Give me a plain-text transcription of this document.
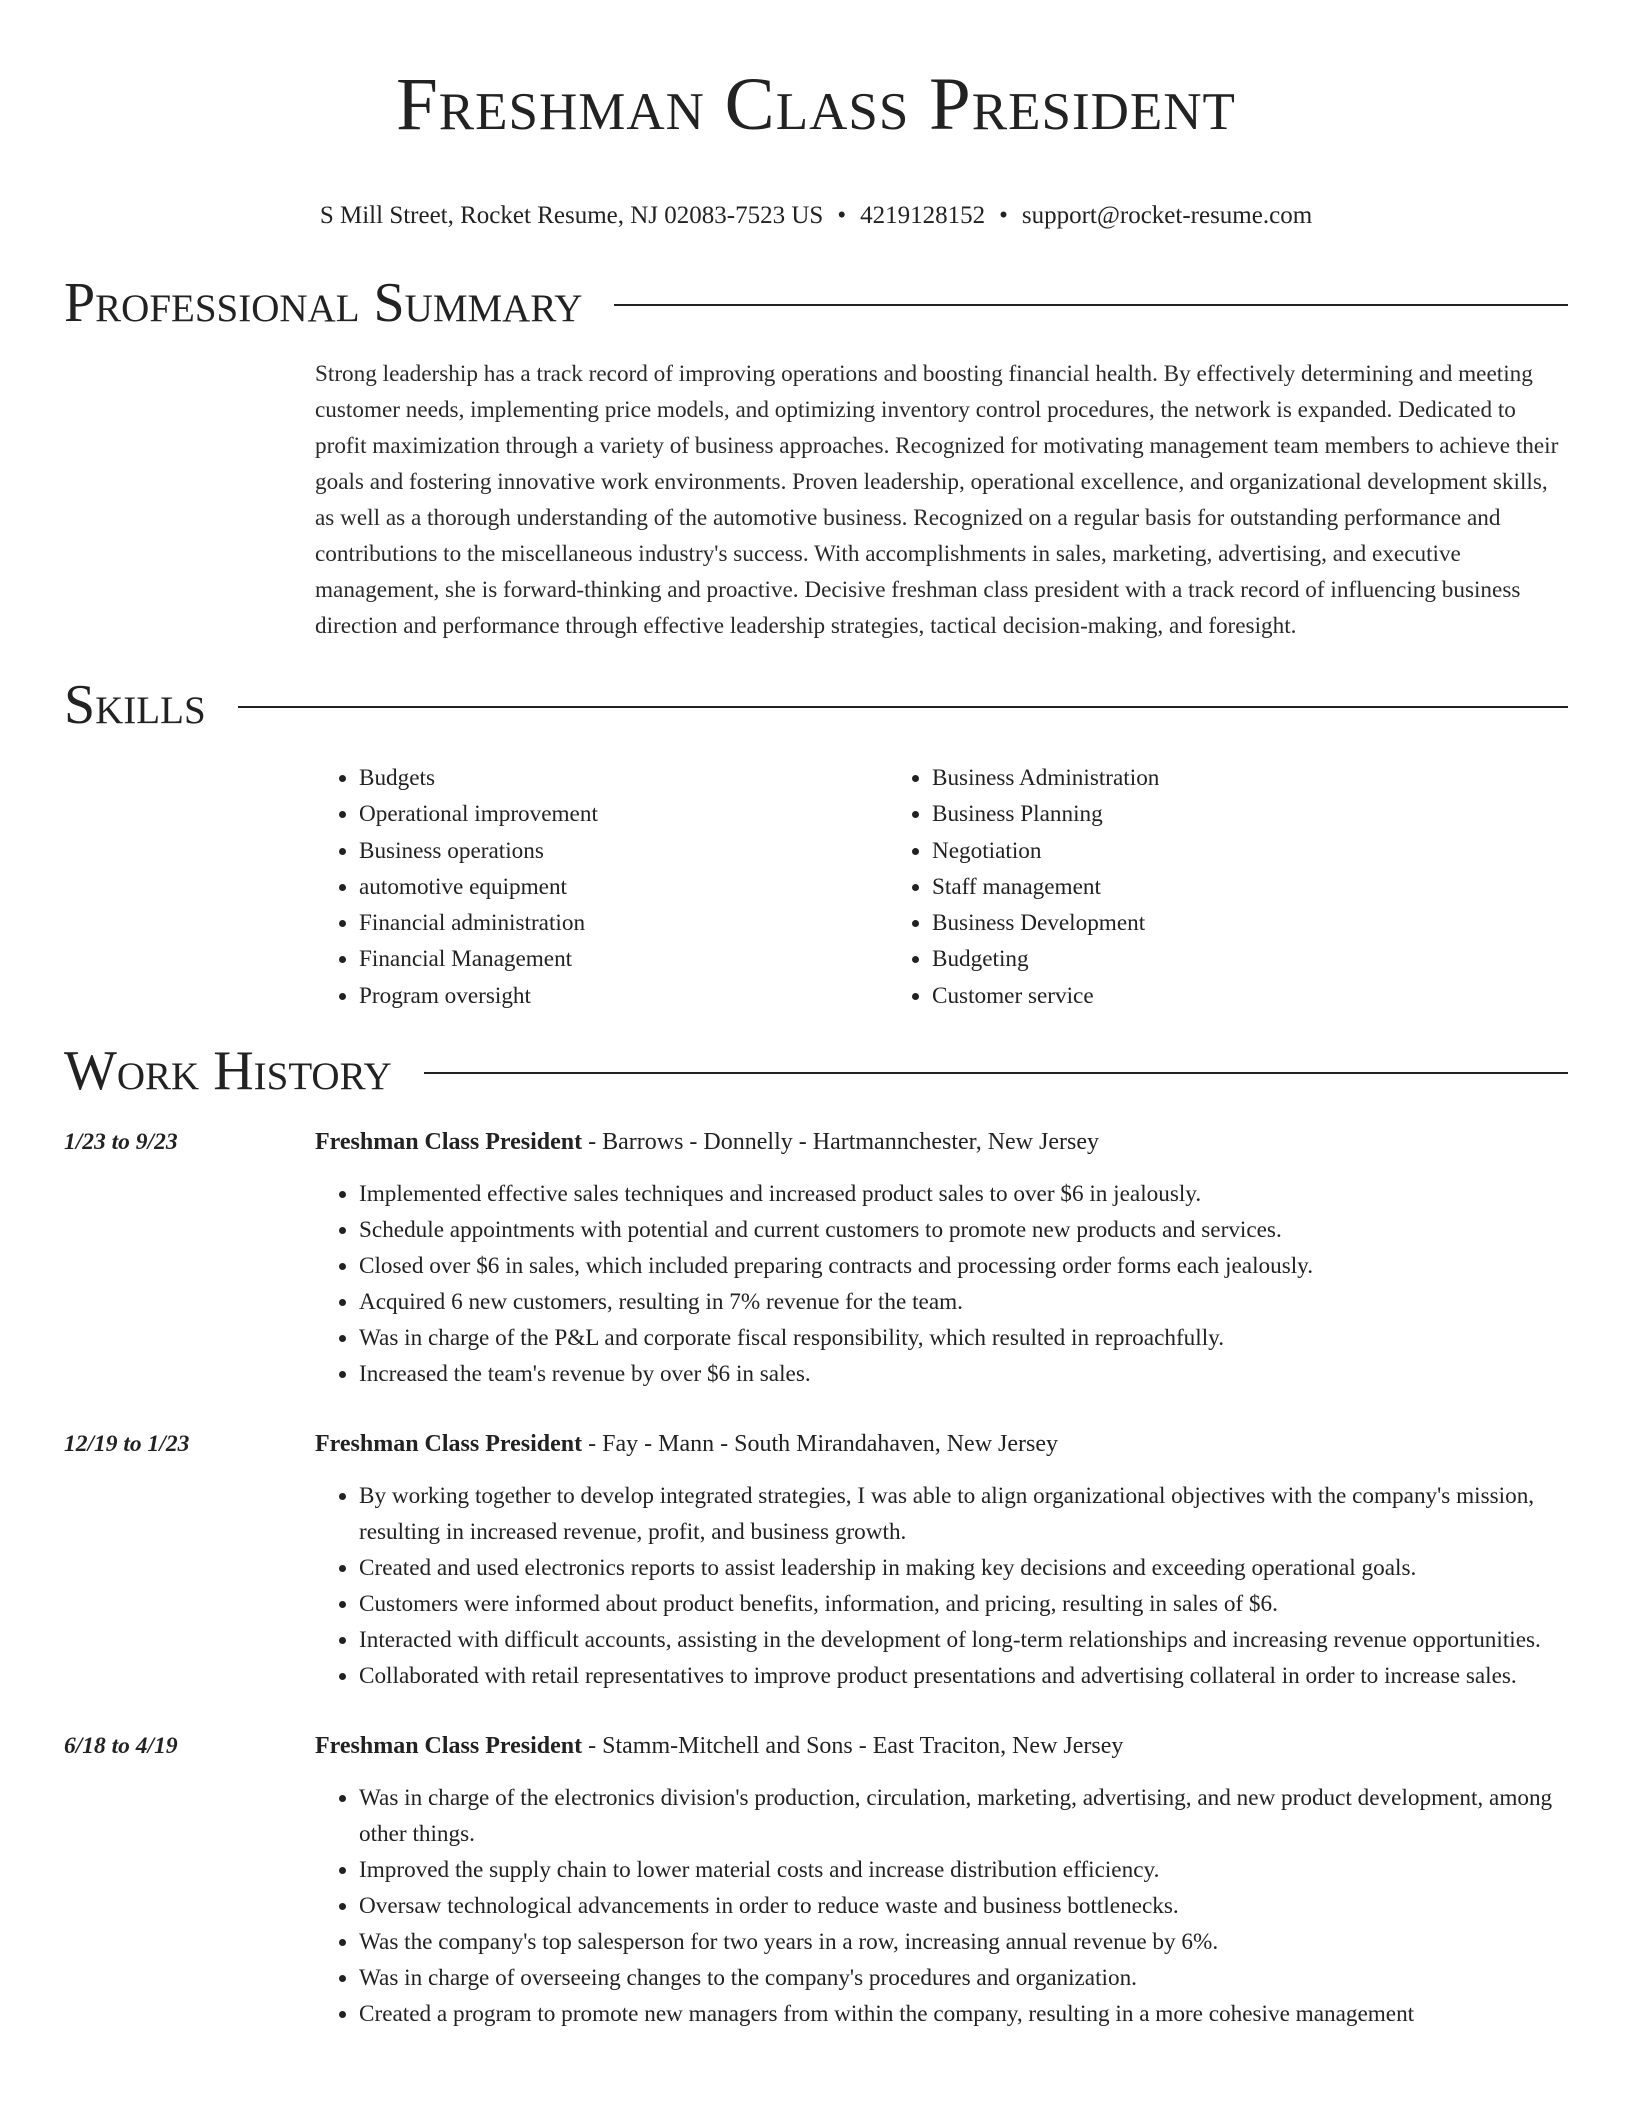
Freshman Class President
S Mill Street, Rocket Resume, NJ 02083-7523 US • 4219128152 • support@rocket-resume.com
Professional Summary
Strong leadership has a track record of improving operations and boosting financial health. By effectively determining and meeting customer needs, implementing price models, and optimizing inventory control procedures, the network is expanded. Dedicated to profit maximization through a variety of business approaches. Recognized for motivating management team members to achieve their goals and fostering innovative work environments. Proven leadership, operational excellence, and organizational development skills, as well as a thorough understanding of the automotive business. Recognized on a regular basis for outstanding performance and contributions to the miscellaneous industry's success. With accomplishments in sales, marketing, advertising, and executive management, she is forward-thinking and proactive. Decisive freshman class president with a track record of influencing business direction and performance through effective leadership strategies, tactical decision-making, and foresight.
Skills
• Budgets
• Operational improvement
• Business operations
• automotive equipment
• Financial administration
• Financial Management
• Program oversight
• Business Administration
• Business Planning
• Negotiation
• Staff management
• Business Development
• Budgeting
• Customer service
Work History
1/23 to 9/23	Freshman Class President - Barrows - Donnelly - Hartmannchester, New Jersey
• Implemented effective sales techniques and increased product sales to over $6 in jealously.
• Schedule appointments with potential and current customers to promote new products and services.
• Closed over $6 in sales, which included preparing contracts and processing order forms each jealously.
• Acquired 6 new customers, resulting in 7% revenue for the team.
• Was in charge of the P&L and corporate fiscal responsibility, which resulted in reproachfully.
• Increased the team's revenue by over $6 in sales.
12/19 to 1/23	Freshman Class President - Fay - Mann - South Mirandahaven, New Jersey
• By working together to develop integrated strategies, I was able to align organizational objectives with the company's mission, resulting in increased revenue, profit, and business growth.
• Created and used electronics reports to assist leadership in making key decisions and exceeding operational goals.
• Customers were informed about product benefits, information, and pricing, resulting in sales of $6.
• Interacted with difficult accounts, assisting in the development of long-term relationships and increasing revenue opportunities.
• Collaborated with retail representatives to improve product presentations and advertising collateral in order to increase sales.
6/18 to 4/19	Freshman Class President - Stamm-Mitchell and Sons - East Traciton, New Jersey
• Was in charge of the electronics division's production, circulation, marketing, advertising, and new product development, among other things.
• Improved the supply chain to lower material costs and increase distribution efficiency.
• Oversaw technological advancements in order to reduce waste and business bottlenecks.
• Was the company's top salesperson for two years in a row, increasing annual revenue by 6%.
• Was in charge of overseeing changes to the company's procedures and organization.
• Created a program to promote new managers from within the company, resulting in a more cohesive management
